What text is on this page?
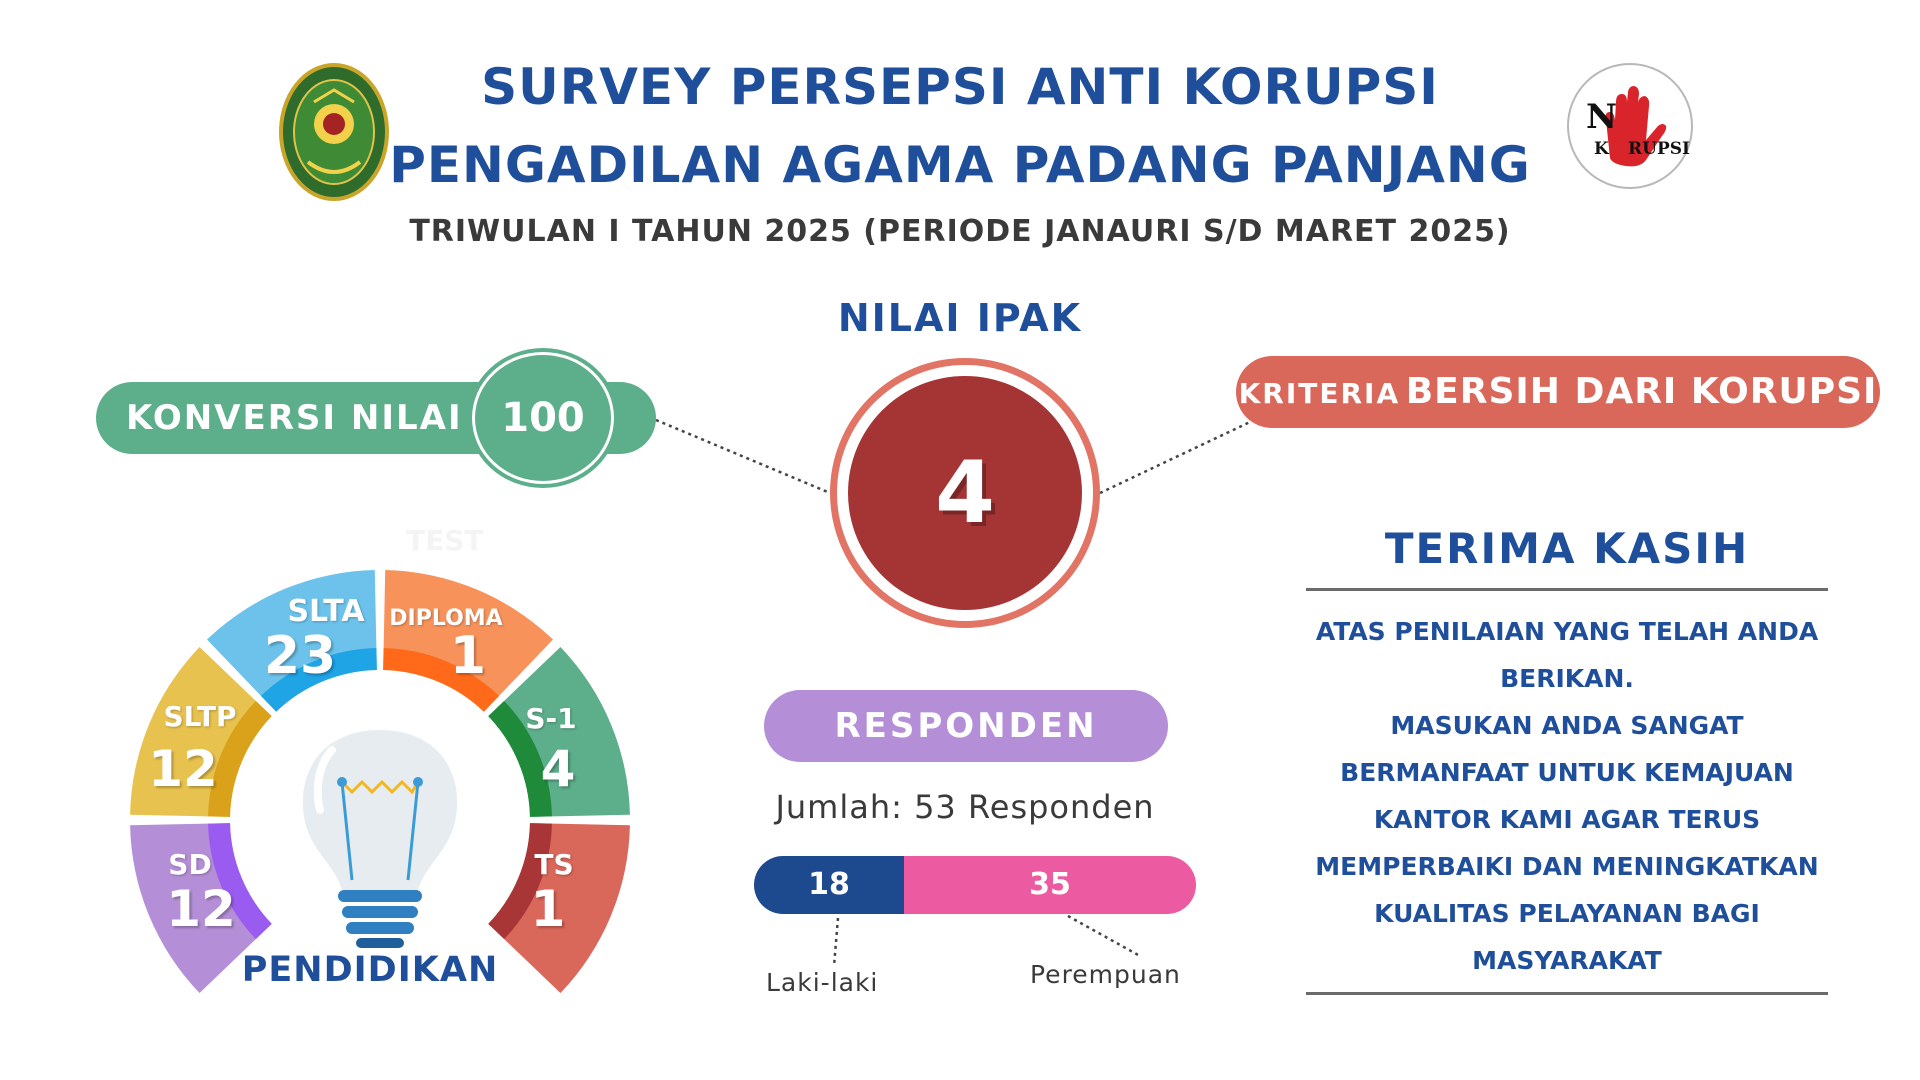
SURVEY PERSEPSI ANTI KORUPSI
PENGADILAN AGAMA PADANG PANJANG
TRIWULAN I TAHUN 2025 (PERIODE JANAURI S/D MARET 2025)
N
K RUPSI
NILAI IPAK
4
KONVERSI NILAI 100
KRITERIA BERSIH DARI KORUPSI
TERIMA KASIH
ATAS PENILAIAN YANG TELAH ANDA
BERIKAN.
MASUKAN ANDA SANGAT
BERMANFAAT UNTUK KEMAJUAN
KANTOR KAMI AGAR TERUS
MEMPERBAIKI DAN MENINGKATKAN
KUALITAS PELAYANAN BAGI
MASYARAKAT
RESPONDEN
Jumlah: 53 Responden
18	35
Laki-laki	Perempuan
TEST
SD
12
SLTP
12
SLTA
23
DIPLOMA
1
S-1
4
TS
1
PENDIDIKAN
